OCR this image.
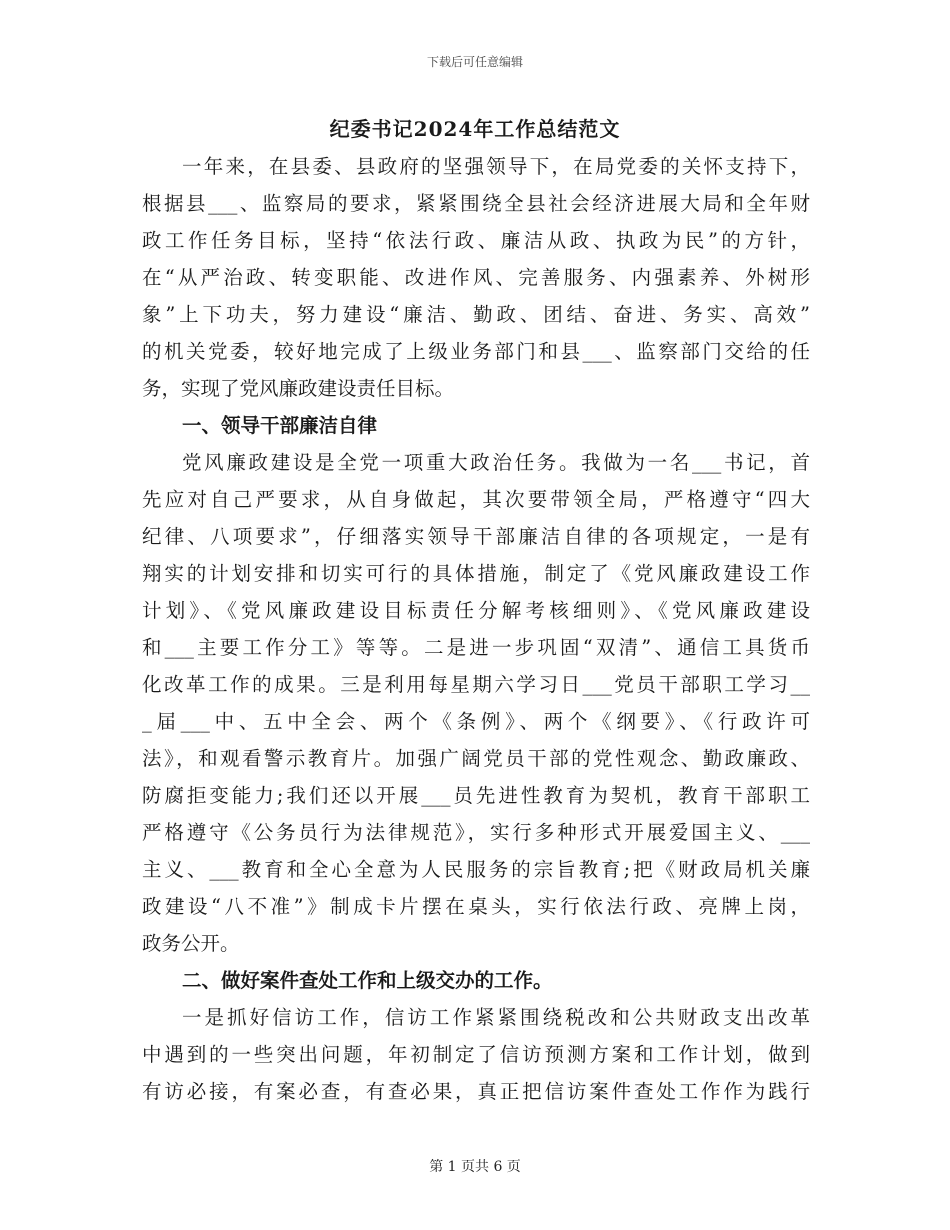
下载后可任意编辑
纪委书记2024年工作总结范文
一年来，在县委、县政府的坚强领导下，在局党委的关怀支持下，
根据县___、监察局的要求，紧紧围绕全县社会经济进展大局和全年财
政工作任务目标，坚持“依法行政、廉洁从政、执政为民”的方针，
在“从严治政、转变职能、改进作风、完善服务、内强素养、外树形
象”上下功夫，努力建设“廉洁、勤政、团结、奋进、务实、高效”
的机关党委，较好地完成了上级业务部门和县___、监察部门交给的任
务，实现了党风廉政建设责任目标。
一、领导干部廉洁自律
党风廉政建设是全党一项重大政治任务。我做为一名___书记，首
先应对自己严要求，从自身做起，其次要带领全局，严格遵守“四大
纪律、八项要求”，仔细落实领导干部廉洁自律的各项规定，一是有
翔实的计划安排和切实可行的具体措施，制定了《党风廉政建设工作
计划》、《党风廉政建设目标责任分解考核细则》、《党风廉政建设
和___主要工作分工》等等。二是进一步巩固“双清”、通信工具货币
化改革工作的成果。三是利用每星期六学习日___党员干部职工学习__
_届___中、五中全会、两个《条例》、两个《纲要》、《行政许可
法》，和观看警示教育片。加强广阔党员干部的党性观念、勤政廉政、
防腐拒变能力;我们还以开展___员先进性教育为契机，教育干部职工
严格遵守《公务员行为法律规范》，实行多种形式开展爱国主义、___
主义、___教育和全心全意为人民服务的宗旨教育;把《财政局机关廉
政建设“八不准”》制成卡片摆在桌头，实行依法行政、亮牌上岗，
政务公开。
二、做好案件查处工作和上级交办的工作。
一是抓好信访工作，信访工作紧紧围绕税改和公共财政支出改革
中遇到的一些突出问题，年初制定了信访预测方案和工作计划，做到
有访必接，有案必查，有查必果，真正把信访案件查处工作作为践行
第 1 页共 6 页
